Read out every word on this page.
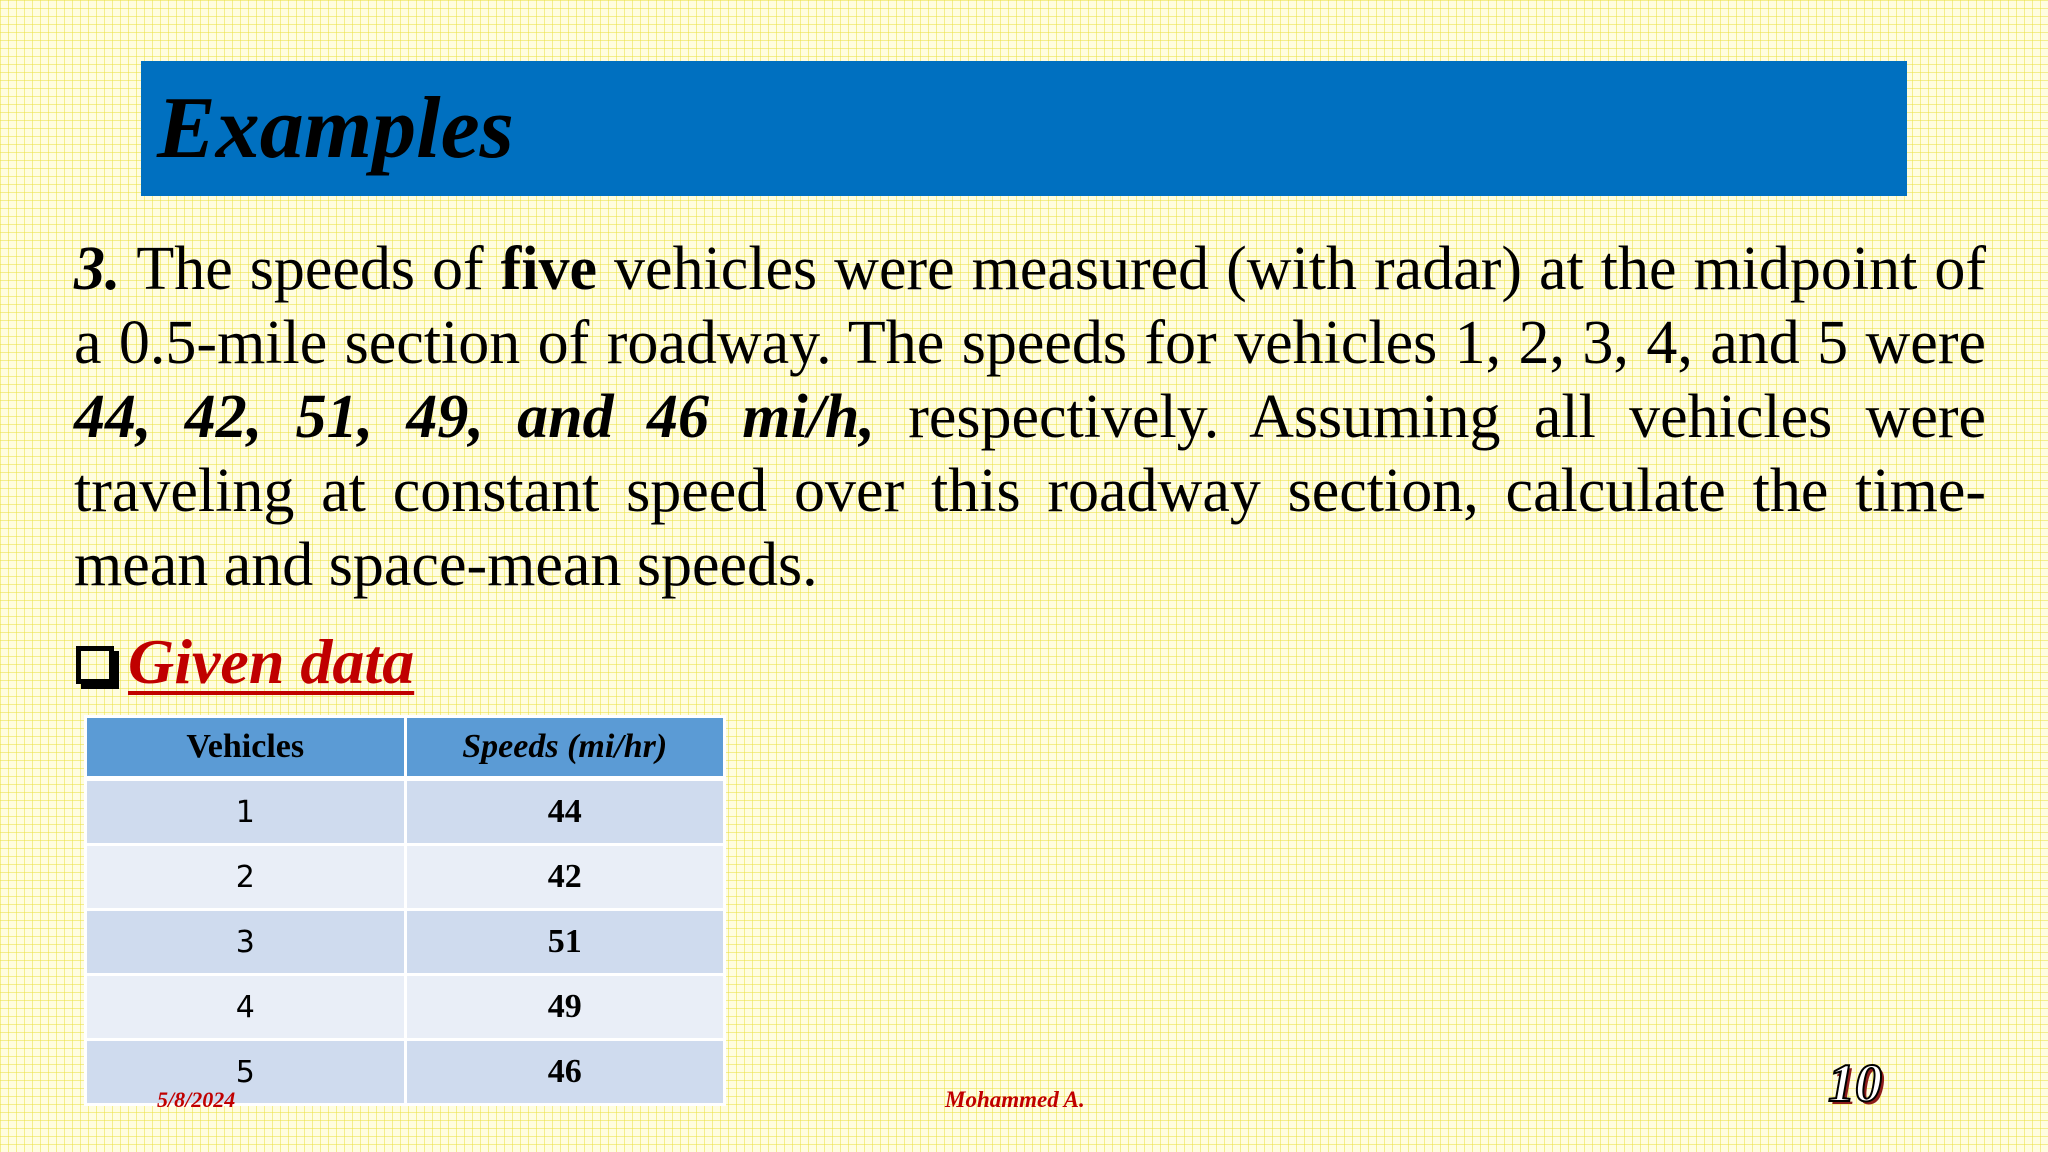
Examples

3. The speeds of five vehicles were measured (with radar) at the midpoint of a 0.5-mile section of roadway. The speeds for vehicles 1, 2, 3, 4, and 5 were 44, 42, 51, 49, and 46 mi/h, respectively. Assuming all vehicles were traveling at constant speed over this roadway section, calculate the time-mean and space-mean speeds.

Given data
Vehicles	Speeds (mi/hr)
1	44
2	42
3	51
4	49
5	46
5/8/2024	Mohammed A.	10
